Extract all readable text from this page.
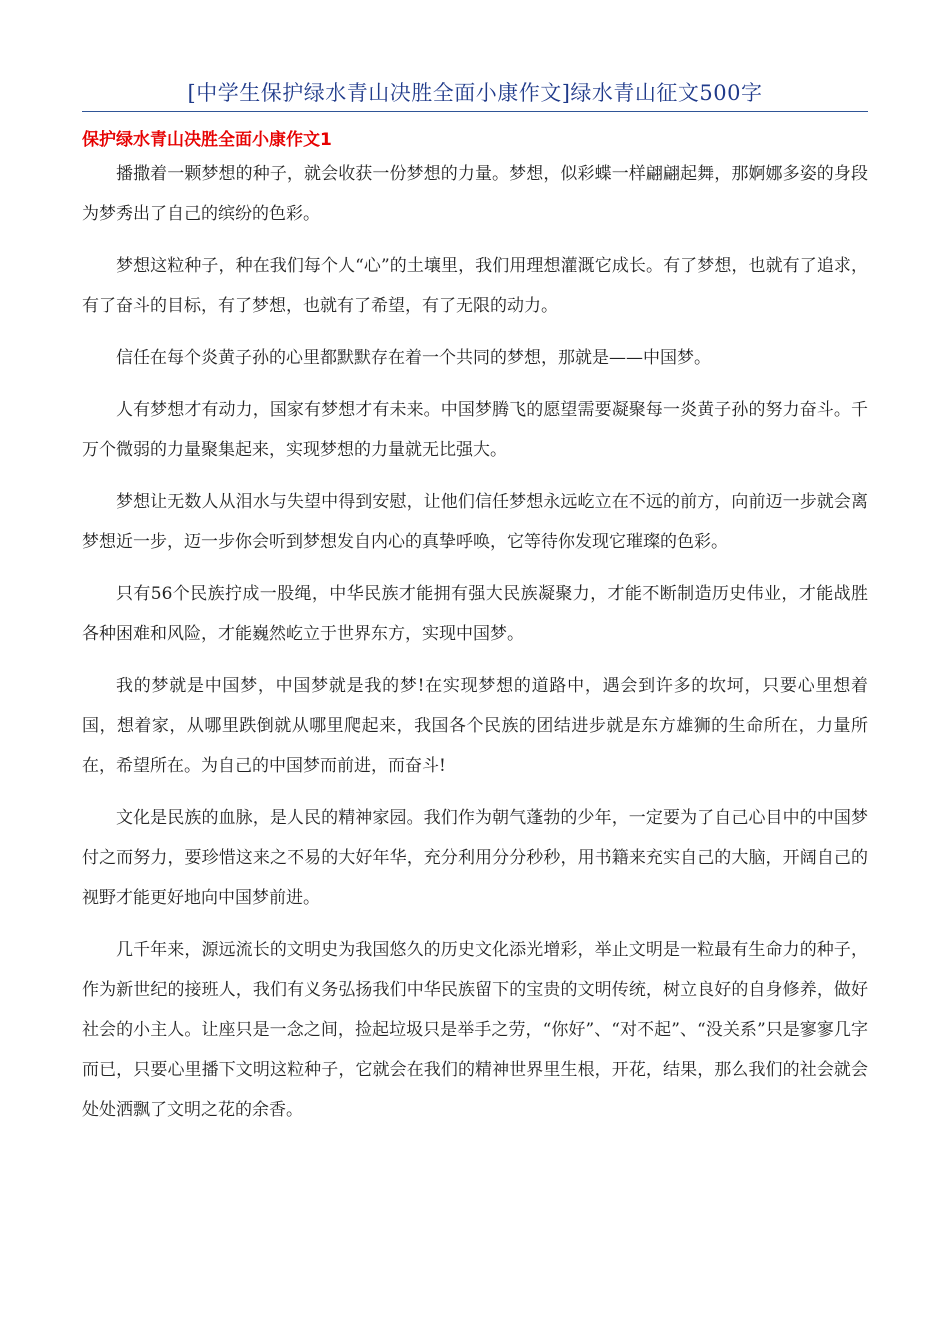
[中学生保护绿水青山决胜全面小康作文]绿水青山征文500字
保护绿水青山决胜全面小康作文1

播撒着一颗梦想的种子，就会收获一份梦想的力量。梦想，似彩蝶一样翩翩起舞，那婀娜多姿的身段为梦秀出了自己的缤纷的色彩。

梦想这粒种子，种在我们每个人“心”的土壤里，我们用理想灌溉它成长。有了梦想，也就有了追求，有了奋斗的目标，有了梦想，也就有了希望，有了无限的动力。

信任在每个炎黄子孙的心里都默默存在着一个共同的梦想，那就是——中国梦。

人有梦想才有动力，国家有梦想才有未来。中国梦腾飞的愿望需要凝聚每一炎黄子孙的努力奋斗。千万个微弱的力量聚集起来，实现梦想的力量就无比强大。

梦想让无数人从泪水与失望中得到安慰，让他们信任梦想永远屹立在不远的前方，向前迈一步就会离梦想近一步，迈一步你会听到梦想发自内心的真挚呼唤，它等待你发现它璀璨的色彩。

只有56个民族拧成一股绳，中华民族才能拥有强大民族凝聚力，才能不断制造历史伟业，才能战胜各种困难和风险，才能巍然屹立于世界东方，实现中国梦。

我的梦就是中国梦，中国梦就是我的梦!在实现梦想的道路中，遇会到许多的坎坷，只要心里想着国，想着家，从哪里跌倒就从哪里爬起来，我国各个民族的团结进步就是东方雄狮的生命所在，力量所在，希望所在。为自己的中国梦而前进，而奋斗!

文化是民族的血脉，是人民的精神家园。我们作为朝气蓬勃的少年，一定要为了自己心目中的中国梦付之而努力，要珍惜这来之不易的大好年华，充分利用分分秒秒，用书籍来充实自己的大脑，开阔自己的视野才能更好地向中国梦前进。

几千年来，源远流长的文明史为我国悠久的历史文化添光增彩，举止文明是一粒最有生命力的种子，作为新世纪的接班人，我们有义务弘扬我们中华民族留下的宝贵的文明传统，树立良好的自身修养，做好社会的小主人。让座只是一念之间，捡起垃圾只是举手之劳，“你好”、“对不起”、“没关系”只是寥寥几字而已，只要心里播下文明这粒种子，它就会在我们的精神世界里生根，开花，结果，那么我们的社会就会处处洒飘了文明之花的余香。
